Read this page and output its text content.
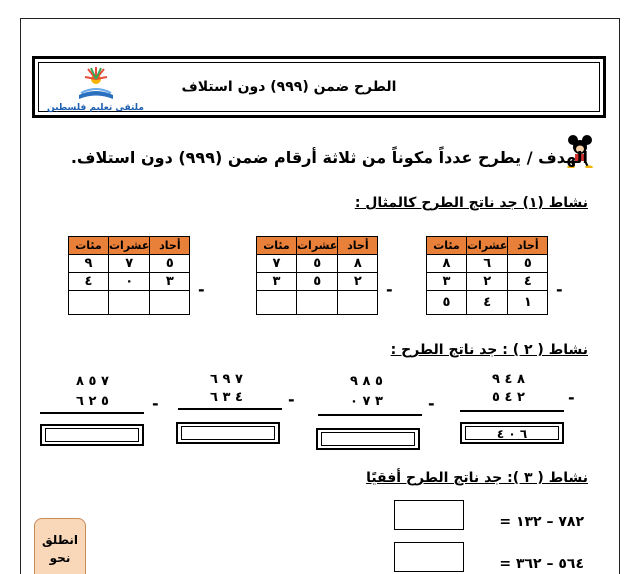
ملتقى تعليم فلسطين
الطرح ضمن (٩٩٩) دون استلاف
الهدف / يطرح عدداً مكوناً من ثلاثة أرقام ضمن (٩٩٩) دون استلاف.
نشاط (١) جد ناتج الطرح كالمثال :
مئات	عشرات	أحاد
٨	٦	٥
٣	٢	٤
٥	٤	١
-
مئات	عشرات	أحاد
٧	٥	٨
٣	٥	٢
		-
مئات	عشرات	أحاد
٩	٧	٥
٤	٠	٣
		-
نشاط ( ٢ ) : جد ناتج الطرح :
٨ ٤ ٩
٢ ٤ ٥	-
٦ ٠ ٤
٥ ٨ ٩
٣ ٧ ٠	-
٧ ٩ ٦
٤ ٣ ٦	-
٧ ٥ ٨
٥ ٢ ٦	-
نشاط ( ٣ ): جد ناتج الطرح أفقيًا
٧٨٢ – ١٣٢ =
٥٦٤ – ٣٦٢ =
انطلق نحو
